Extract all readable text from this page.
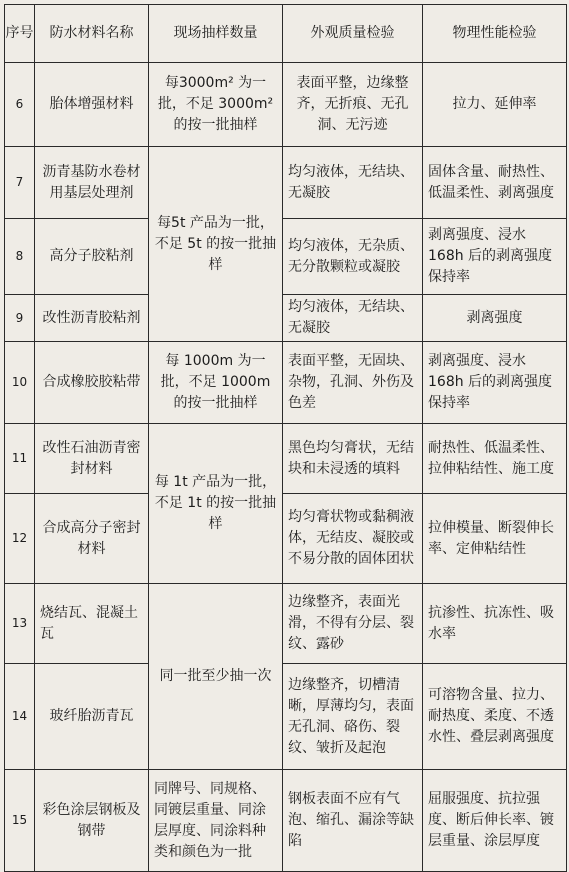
序号	防水材料名称	现场抽样数量	外观质量检验	物理性能检验
6	胎体增强材料	每3000m² 为一批，不足 3000m² 的按一批抽样	表面平整，边缘整齐，无折痕、无孔洞、无污迹	拉力、延伸率
7	沥青基防水卷材用基层处理剂	每5t 产品为一批，不足 5t 的按一批抽样	均匀液体，无结块、无凝胶	固体含量、耐热性、低温柔性、剥离强度
8	高分子胶粘剂		均匀液体，无杂质、无分散颗粒或凝胶	剥离强度、浸水168h 后的剥离强度保持率
9	改性沥青胶粘剂		均匀液体，无结块、无凝胶	剥离强度
10	合成橡胶胶粘带	每 1000m 为一批，不足 1000m 的按一批抽样	表面平整，无固块、杂物，孔洞、外伤及色差	剥离强度、浸水168h 后的剥离强度保持率
11	改性石油沥青密封材料	每 1t 产品为一批，不足 1t 的按一批抽样	黑色均匀膏状，无结块和未浸透的填料	耐热性、低温柔性、拉伸粘结性、施工度
12	合成高分子密封材料		均匀膏状物或黏稠液体，无结皮、凝胶或不易分散的固体团状	拉伸模量、断裂伸长率、定伸粘结性
13	烧结瓦、混凝土瓦	同一批至少抽一次	边缘整齐，表面光滑，不得有分层、裂纹、露砂	抗渗性、抗冻性、吸水率
14	玻纤胎沥青瓦		边缘整齐，切槽清晰，厚薄均匀，表面无孔洞、硌伤、裂纹、皱折及起泡	可溶物含量、拉力、耐热度、柔度、不透水性、叠层剥离强度
15	彩色涂层钢板及钢带	同牌号、同规格、同镀层重量、同涂层厚度、同涂料种类和颜色为一批	钢板表面不应有气泡、缩孔、漏涂等缺陷	屈服强度、抗拉强度、断后伸长率、镀层重量、涂层厚度
